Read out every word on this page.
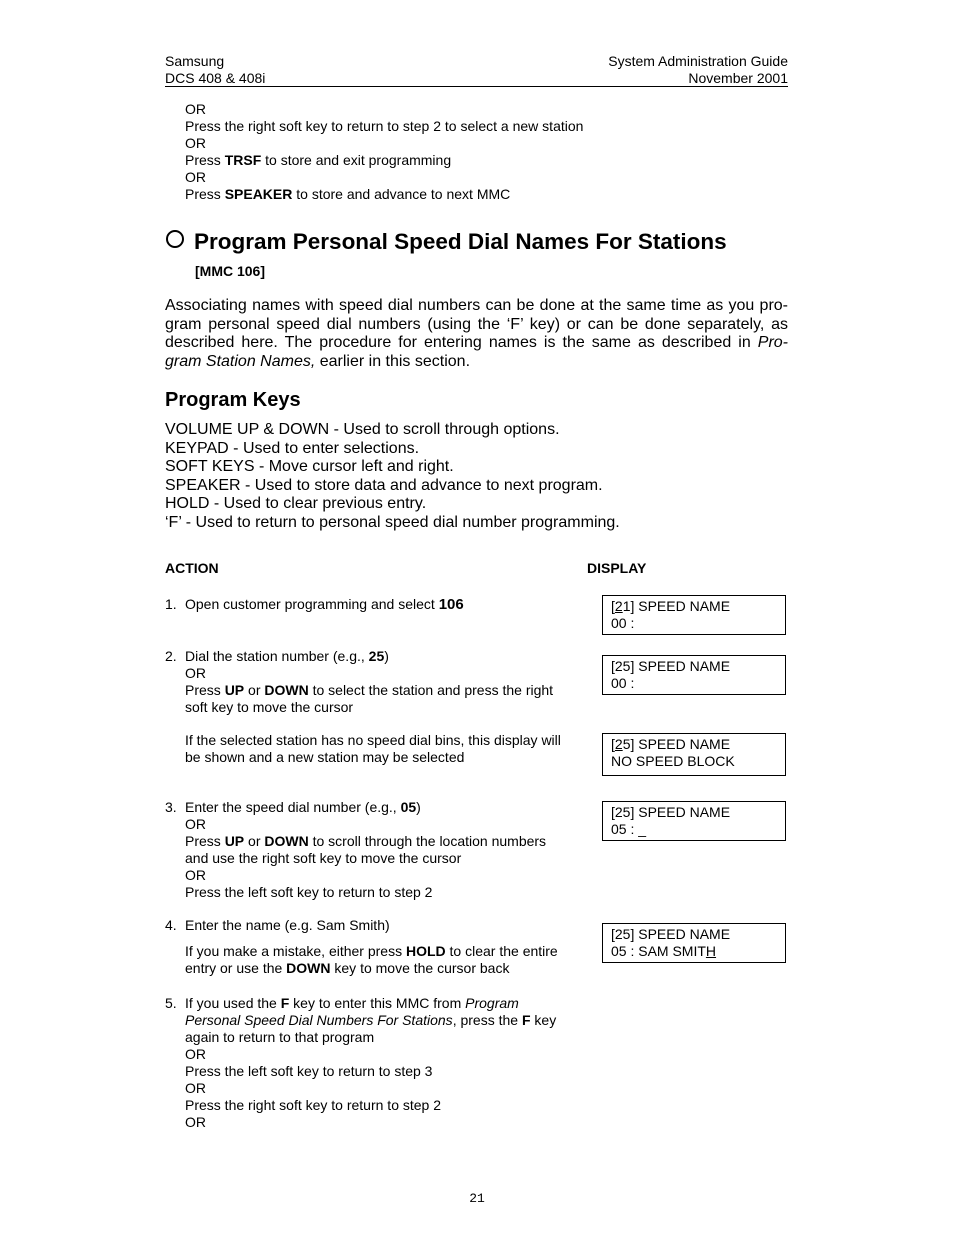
Samsung
DCS 408 & 408i
System Administration Guide
November 2001
OR
Press the right soft key to return to step 2 to select a new station
OR
Press TRSF to store and exit programming
OR
Press SPEAKER to store and advance to next MMC
Program Personal Speed Dial Names For Stations
[MMC 106]
Associating names with speed dial numbers can be done at the same time as you pro-gram personal speed dial numbers (using the ‘F’ key) or can be done separately, as described here. The procedure for entering names is the same as described in Pro-gram Station Names, earlier in this section.
Program Keys
VOLUME UP & DOWN - Used to scroll through options.
KEYPAD - Used to enter selections.
SOFT KEYS - Move cursor left and right.
SPEAKER - Used to store data and advance to next program.
HOLD - Used to clear previous entry.
‘F’ - Used to return to personal speed dial number programming.
ACTION	DISPLAY
1. Open customer programming and select 106
2. Dial the station number (e.g., 25)
OR
Press UP or DOWN to select the station and press the right
soft key to move the cursor
If the selected station has no speed dial bins, this display will
be shown and a new station may be selected
3. Enter the speed dial number (e.g., 05)
OR
Press UP or DOWN to scroll through the location numbers
and use the right soft key to move the cursor
OR
Press the left soft key to return to step 2
4. Enter the name (e.g. Sam Smith)
If you make a mistake, either press HOLD to clear the entire
entry or use the DOWN key to move the cursor back
5. If you used the F key to enter this MMC from Program
Personal Speed Dial Numbers For Stations, press the F key
again to return to that program
OR
Press the left soft key to return to step 3
OR
Press the right soft key to return to step 2
OR
[21] SPEED NAME
00 :
[25] SPEED NAME
00 :
[25] SPEED NAME
NO SPEED BLOCK
[25] SPEED NAME
05 : _
[25] SPEED NAME
05 : SAM SMITH
21
